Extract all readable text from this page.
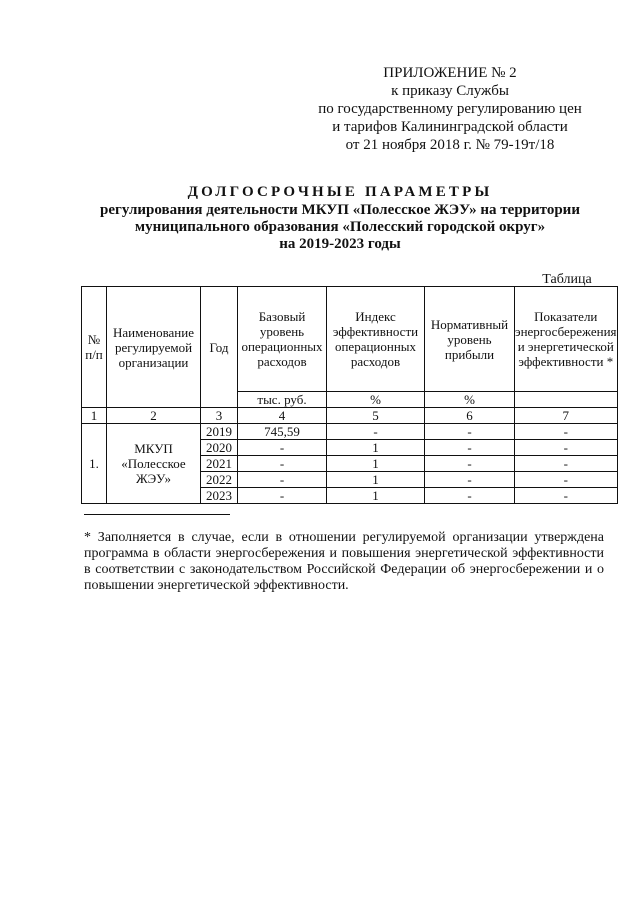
ПРИЛОЖЕНИЕ № 2
к приказу Службы
по государственному регулированию цен
и тарифов Калининградской области
от 21 ноября 2018 г. № 79-19т/18
ДОЛГОСРОЧНЫЕ ПАРАМЕТРЫ
регулирования деятельности МКУП «Полесское ЖЭУ» на территории
муниципального образования «Полесский городской округ»
на 2019-2023 годы
Таблица
№ п/п	Наименование регулируемой организации	Год	Базовый уровень операционных расходов	Индекс эффективности операционных расходов	Нормативный уровень прибыли	Показатели энергосбережения и энергетической эффективности *
			тыс. руб.	%	%	
1	2	3	4	5	6	7
1.	МКУП «Полесское ЖЭУ»	2019	745,59	-	-	-
		2020	-	1	-	-
		2021	-	1	-	-
		2022	-	1	-	-
		2023	-	1	-	-
* Заполняется в случае, если в отношении регулируемой организации утверждена программа в области энергосбережения и повышения энергетической эффективности в соответствии с законодательством Российской Федерации об энергосбережении и о повышении энергетической эффективности.
